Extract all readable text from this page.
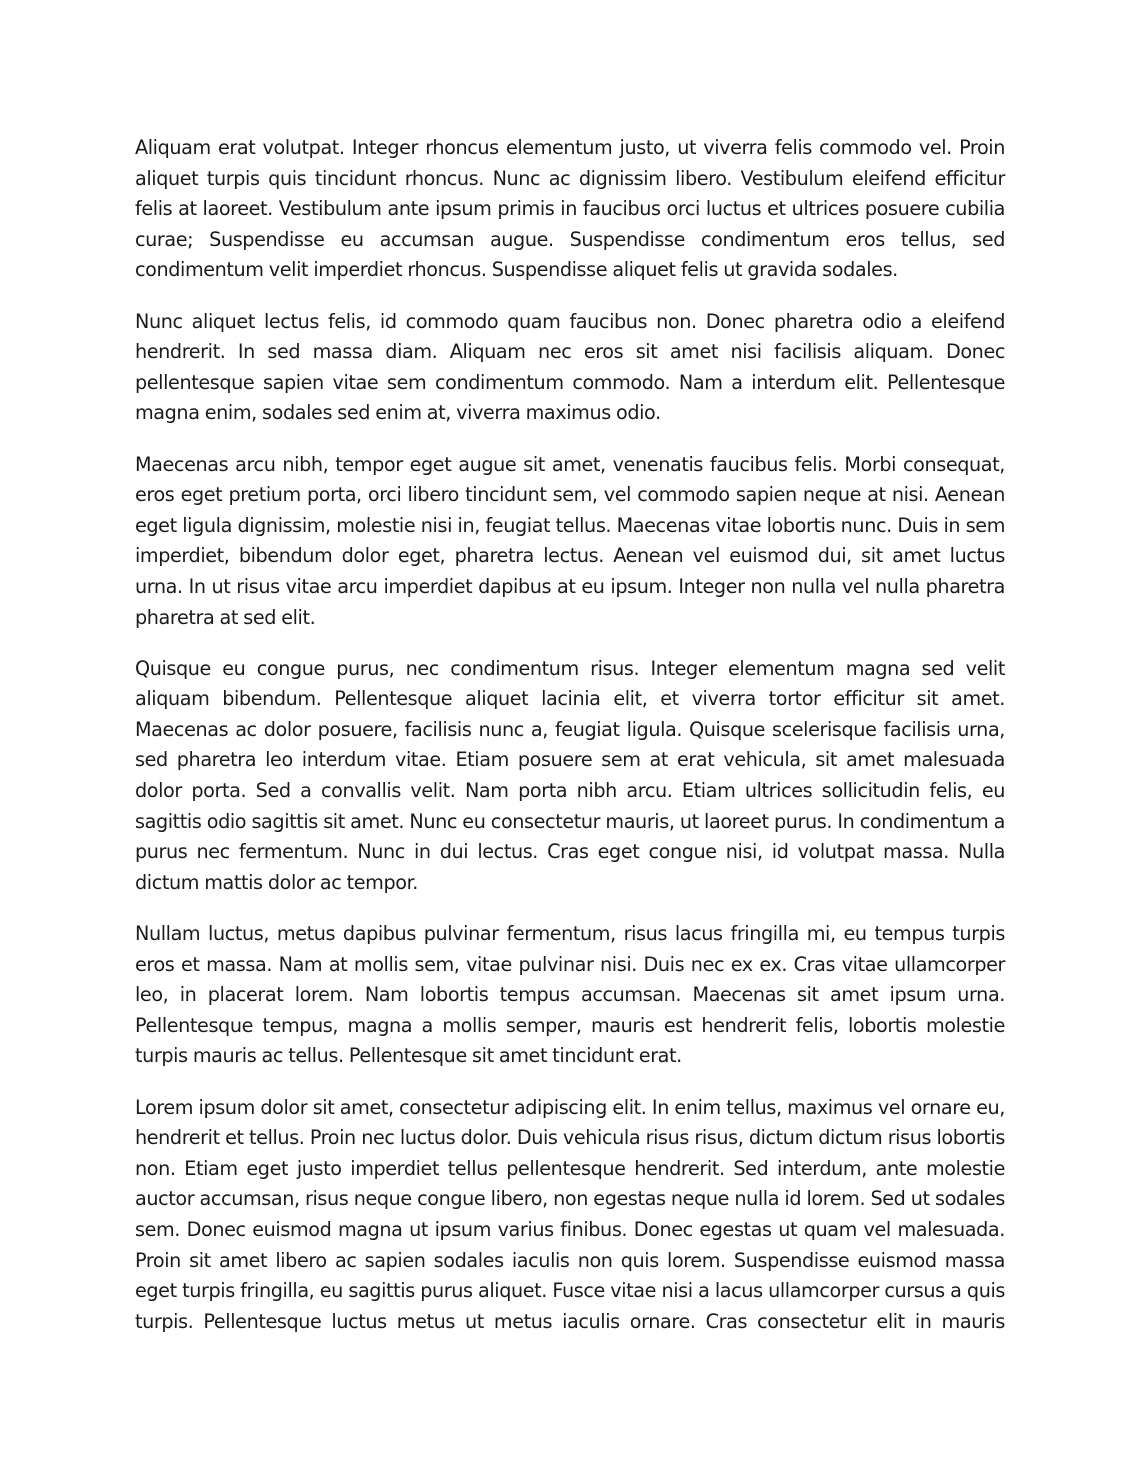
Aliquam erat volutpat. Integer rhoncus elementum justo, ut viverra felis commodo vel. Proin aliquet turpis quis tincidunt rhoncus. Nunc ac dignissim libero. Vestibulum eleifend efficitur felis at laoreet. Vestibulum ante ipsum primis in faucibus orci luctus et ultrices posuere cubilia curae; Suspendisse eu accumsan augue. Suspendisse condimentum eros tellus, sed condimentum velit imperdiet rhoncus. Suspendisse aliquet felis ut gravida sodales.

Nunc aliquet lectus felis, id commodo quam faucibus non. Donec pharetra odio a eleifend hendrerit. In sed massa diam. Aliquam nec eros sit amet nisi facilisis aliquam. Donec pellentesque sapien vitae sem condimentum commodo. Nam a interdum elit. Pellentesque magna enim, sodales sed enim at, viverra maximus odio.

Maecenas arcu nibh, tempor eget augue sit amet, venenatis faucibus felis. Morbi consequat, eros eget pretium porta, orci libero tincidunt sem, vel commodo sapien neque at nisi. Aenean eget ligula dignissim, molestie nisi in, feugiat tellus. Maecenas vitae lobortis nunc. Duis in sem imperdiet, bibendum dolor eget, pharetra lectus. Aenean vel euismod dui, sit amet luctus urna. In ut risus vitae arcu imperdiet dapibus at eu ipsum. Integer non nulla vel nulla pharetra pharetra at sed elit.

Quisque eu congue purus, nec condimentum risus. Integer elementum magna sed velit aliquam bibendum. Pellentesque aliquet lacinia elit, et viverra tortor efficitur sit amet. Maecenas ac dolor posuere, facilisis nunc a, feugiat ligula. Quisque scelerisque facilisis urna, sed pharetra leo interdum vitae. Etiam posuere sem at erat vehicula, sit amet malesuada dolor porta. Sed a convallis velit. Nam porta nibh arcu. Etiam ultrices sollicitudin felis, eu sagittis odio sagittis sit amet. Nunc eu consectetur mauris, ut laoreet purus. In condimentum a purus nec fermentum. Nunc in dui lectus. Cras eget congue nisi, id volutpat massa. Nulla dictum mattis dolor ac tempor.

Nullam luctus, metus dapibus pulvinar fermentum, risus lacus fringilla mi, eu tempus turpis eros et massa. Nam at mollis sem, vitae pulvinar nisi. Duis nec ex ex. Cras vitae ullamcorper leo, in placerat lorem. Nam lobortis tempus accumsan. Maecenas sit amet ipsum urna. Pellentesque tempus, magna a mollis semper, mauris est hendrerit felis, lobortis molestie turpis mauris ac tellus. Pellentesque sit amet tincidunt erat.

Lorem ipsum dolor sit amet, consectetur adipiscing elit. In enim tellus, maximus vel ornare eu, hendrerit et tellus. Proin nec luctus dolor. Duis vehicula risus risus, dictum dictum risus lobortis non. Etiam eget justo imperdiet tellus pellentesque hendrerit. Sed interdum, ante molestie auctor accumsan, risus neque congue libero, non egestas neque nulla id lorem. Sed ut sodales sem. Donec euismod magna ut ipsum varius finibus. Donec egestas ut quam vel malesuada. Proin sit amet libero ac sapien sodales iaculis non quis lorem. Suspendisse euismod massa eget turpis fringilla, eu sagittis purus aliquet. Fusce vitae nisi a lacus ullamcorper cursus a quis turpis. Pellentesque luctus metus ut metus iaculis ornare. Cras consectetur elit in mauris
